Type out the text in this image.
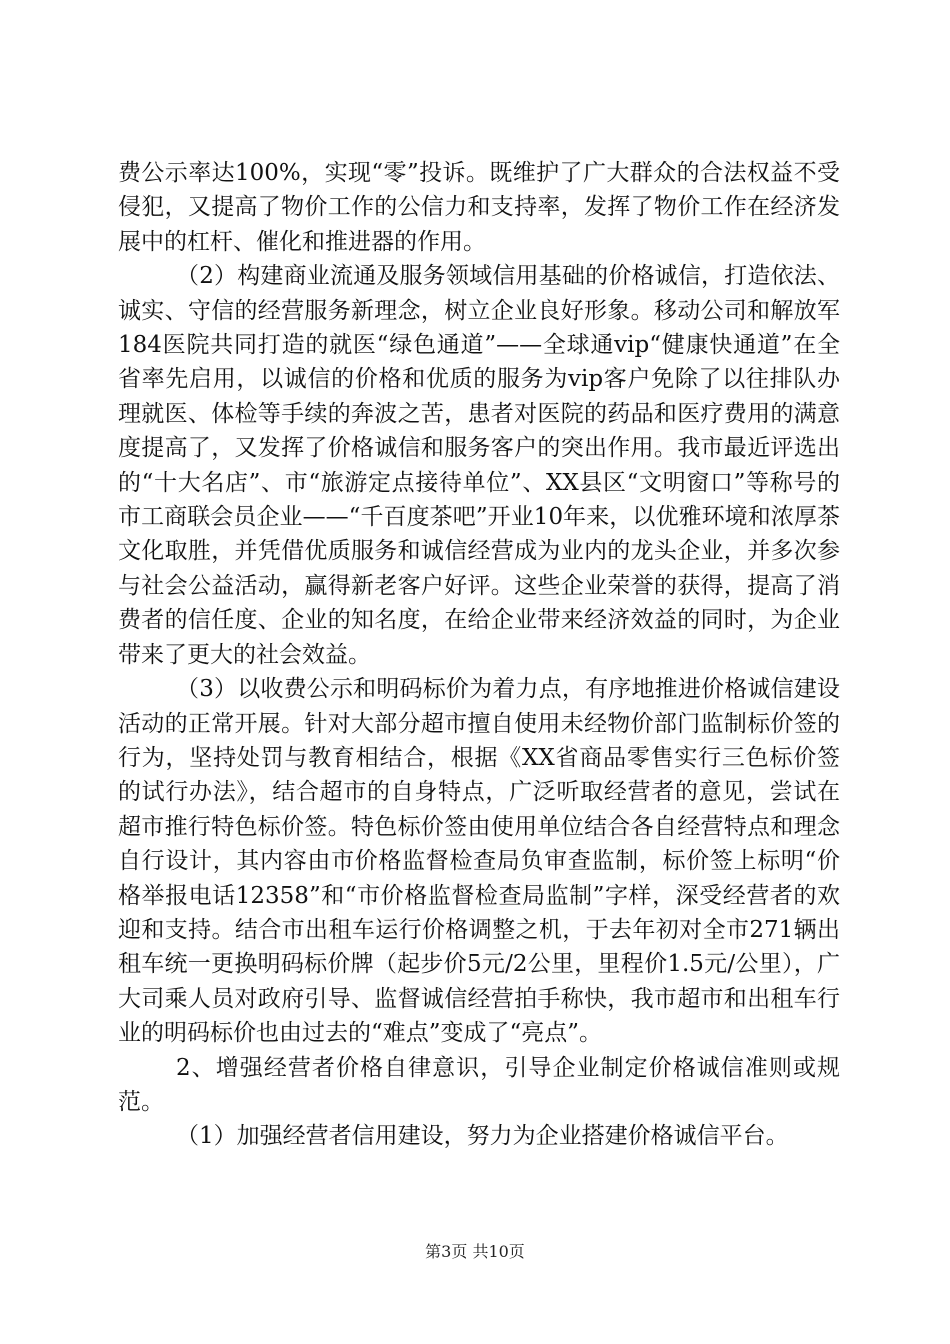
费公示率达100%，实现“零”投诉。既维护了广大群众的合法权益不受侵犯，又提高了物价工作的公信力和支持率，发挥了物价工作在经济发展中的杠杆、催化和推进器的作用。

（2）构建商业流通及服务领域信用基础的价格诚信，打造依法、诚实、守信的经营服务新理念，树立企业良好形象。移动公司和解放军184医院共同打造的就医“绿色通道”——全球通vip“健康快通道”在全省率先启用，以诚信的价格和优质的服务为vip客户免除了以往排队办理就医、体检等手续的奔波之苦，患者对医院的药品和医疗费用的满意度提高了，又发挥了价格诚信和服务客户的突出作用。我市最近评选出的“十大名店”、市“旅游定点接待单位”、XX县区“文明窗口”等称号的市工商联会员企业——“千百度茶吧”开业10年来，以优雅环境和浓厚茶文化取胜，并凭借优质服务和诚信经营成为业内的龙头企业，并多次参与社会公益活动，赢得新老客户好评。这些企业荣誉的获得，提高了消费者的信任度、企业的知名度，在给企业带来经济效益的同时，为企业带来了更大的社会效益。

（3）以收费公示和明码标价为着力点，有序地推进价格诚信建设活动的正常开展。针对大部分超市擅自使用未经物价部门监制标价签的行为，坚持处罚与教育相结合，根据《XX省商品零售实行三色标价签的试行办法》，结合超市的自身特点，广泛听取经营者的意见，尝试在超市推行特色标价签。特色标价签由使用单位结合各自经营特点和理念自行设计，其内容由市价格监督检查局负审查监制，标价签上标明“价格举报电话12358”和“市价格监督检查局监制”字样，深受经营者的欢迎和支持。结合市出租车运行价格调整之机，于去年初对全市271辆出租车统一更换明码标价牌（起步价5元/2公里，里程价1.5元/公里），广大司乘人员对政府引导、监督诚信经营拍手称快，我市超市和出租车行业的明码标价也由过去的“难点”变成了“亮点”。

2、增强经营者价格自律意识，引导企业制定价格诚信准则或规范。

（1）加强经营者信用建设，努力为企业搭建价格诚信平台。

第3页 共10页
